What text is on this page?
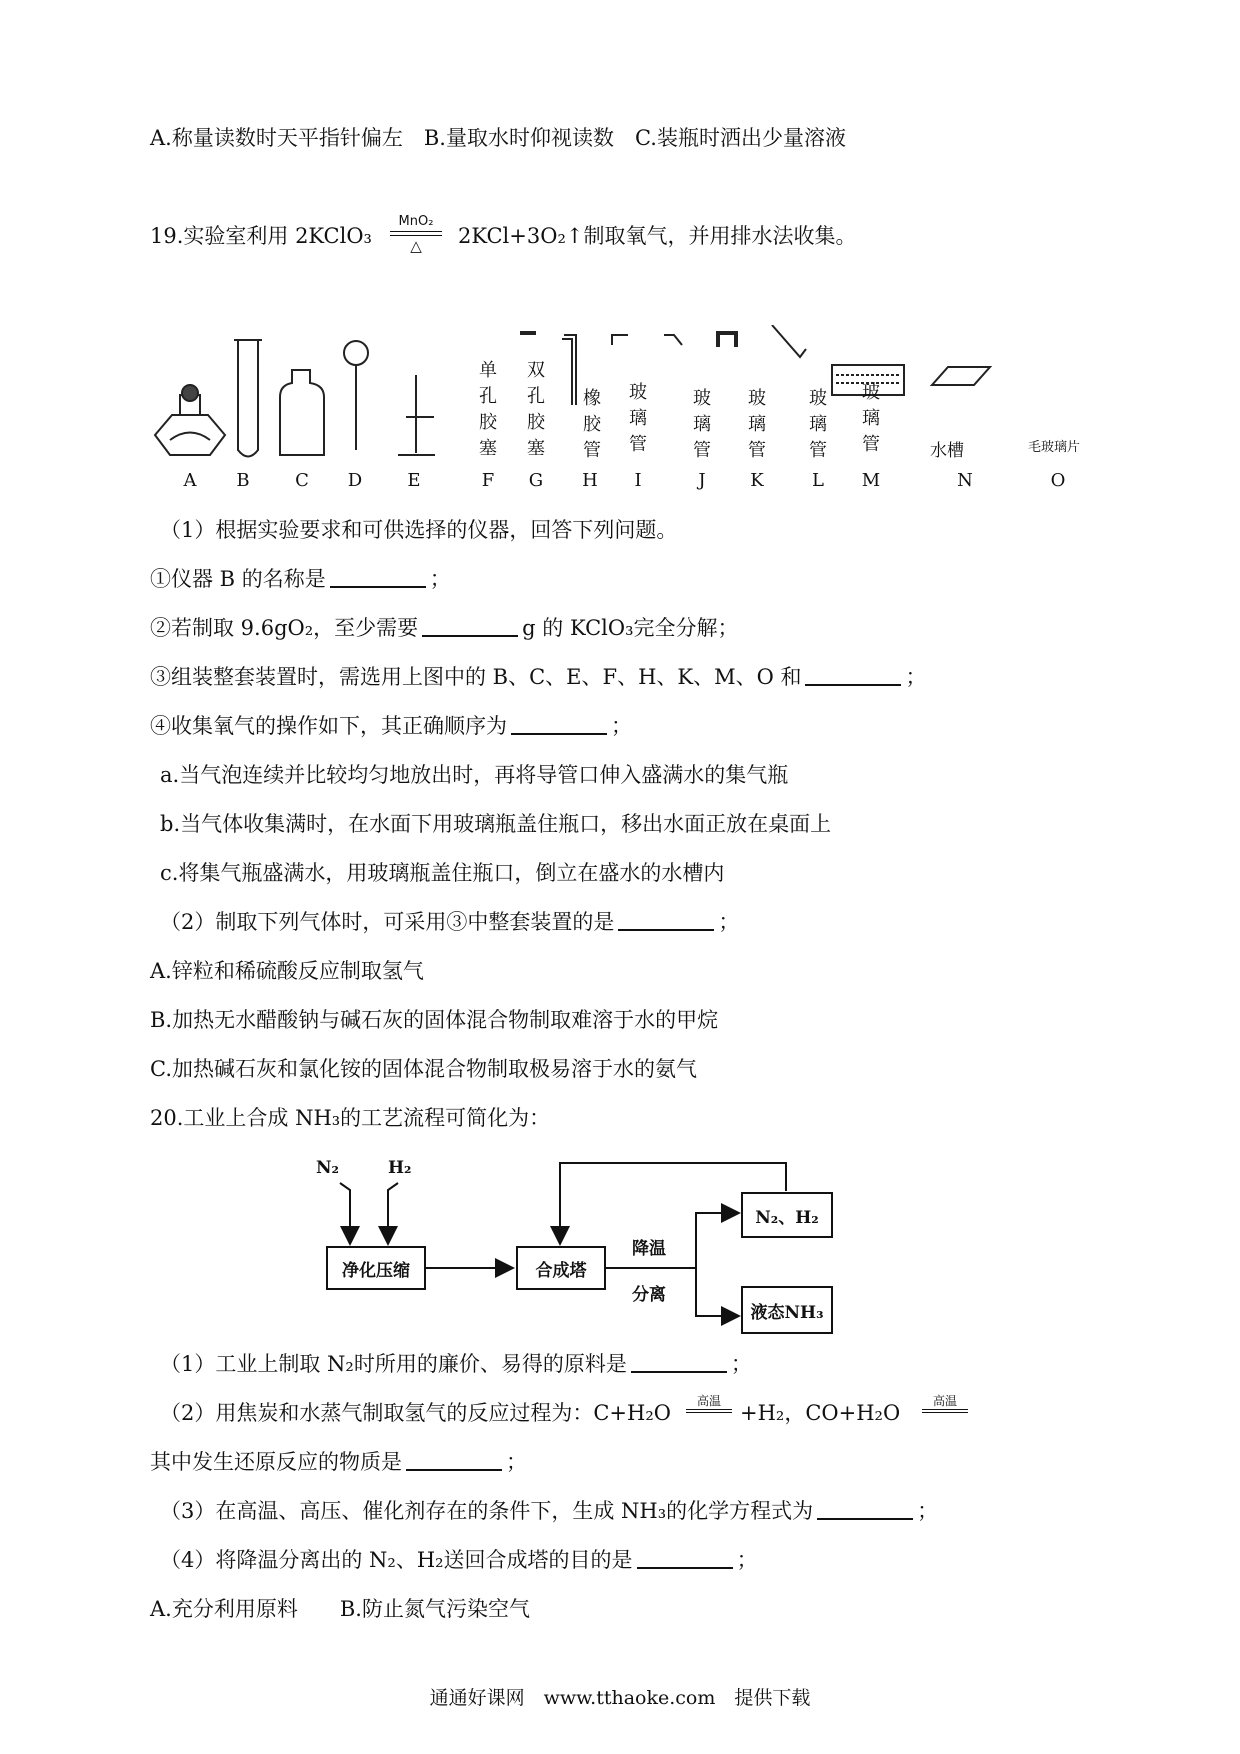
A.称量读数时天平指针偏左　B.量取水时仰视读数　C.装瓶时洒出少量溶液
19.实验室利用 2KClO₃
MnO₂
△	2KCl+3O₂↑制取氧气，并用排水法收集。
单
孔
胶
塞
双
孔
胶
塞
橡
胶
管
玻
璃
管
玻
璃
管
玻
璃
管
玻
璃
管
玻
璃
管	水槽	毛玻璃片
A	B	C	D	E	F	G	H	I	J	K	L	M	N	O
（1）根据实验要求和可供选择的仪器，回答下列问题。
①仪器 B 的名称是	；
②若制取 9.6gO₂，至少需要	g 的 KClO₃完全分解；
③组装整套装置时，需选用上图中的 B、C、E、F、H、K、M、O 和	；
④收集氧气的操作如下，其正确顺序为	；
a.当气泡连续并比较均匀地放出时，再将导管口伸入盛满水的集气瓶
b.当气体收集满时，在水面下用玻璃瓶盖住瓶口，移出水面正放在桌面上
c.将集气瓶盛满水，用玻璃瓶盖住瓶口，倒立在盛水的水槽内
（2）制取下列气体时，可采用③中整套装置的是	；
A.锌粒和稀硫酸反应制取氢气
B.加热无水醋酸钠与碱石灰的固体混合物制取难溶于水的甲烷
C.加热碱石灰和氯化铵的固体混合物制取极易溶于水的氨气
20.工业上合成 NH₃的工艺流程可简化为：
N₂	H₂
净化压缩	合成塔
降温
分离
N₂、H₂
液态NH₃
（1）工业上制取 N₂时所用的廉价、易得的原料是	；
（2）用焦炭和水蒸气制取氢气的反应过程为：C+H₂O	高温 +H₂，CO+H₂O	高温
其中发生还原反应的物质是	；
（3）在高温、高压、催化剂存在的条件下，生成 NH₃的化学方程式为	；
（4）将降温分离出的 N₂、H₂送回合成塔的目的是	；
A.充分利用原料　　B.防止氮气污染空气
通通好课网　www.tthaoke.com　提供下载
